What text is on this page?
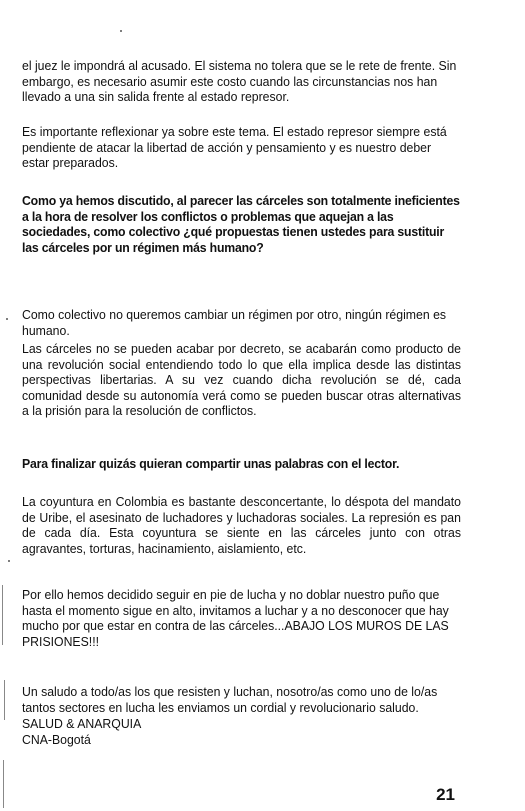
el juez le impondrá al acusado. El sistema no tolera que se le rete de frente. Sin embargo, es necesario asumir este costo cuando las circunstancias nos han llevado a una sin salida frente al estado represor.

Es importante reflexionar ya sobre este tema. El estado represor siempre está pendiente de atacar la libertad de acción y pensamiento y es nuestro deber estar preparados.

Como ya hemos discutido, al parecer las cárceles son totalmente ineficientes a la hora de resolver los conflictos o problemas que aquejan a las sociedades, como colectivo ¿qué propuestas tienen ustedes para sustituir las cárceles por un régimen más humano?

Como colectivo no queremos cambiar un régimen por otro, ningún régimen es humano.

Las cárceles no se pueden acabar por decreto, se acabarán como producto de una revolución social entendiendo todo lo que ella implica desde las distintas perspectivas libertarias. A su vez cuando dicha revolución se dé, cada comunidad desde su autonomía verá como se pueden buscar otras alternativas a la prisión para la resolución de conflictos.

Para finalizar quizás quieran compartir unas palabras con el lector.

La coyuntura en Colombia es bastante desconcertante, lo déspota del mandato de Uribe, el asesinato de luchadores y luchadoras sociales. La represión es pan de cada día. Esta coyuntura se siente en las cárceles junto con otras agravantes, torturas, hacinamiento, aislamiento, etc.

Por ello hemos decidido seguir en pie de lucha y no doblar nuestro puño que hasta el momento sigue en alto, invitamos a luchar y a no desconocer que hay mucho por que estar en contra de las cárceles...ABAJO LOS MUROS DE LAS PRISIONES!!!

Un saludo a todo/as los que resisten y luchan, nosotro/as como uno de lo/as tantos sectores en lucha les enviamos un cordial y revolucionario saludo.

SALUD & ANARQUIA

CNA-Bogotá

21
